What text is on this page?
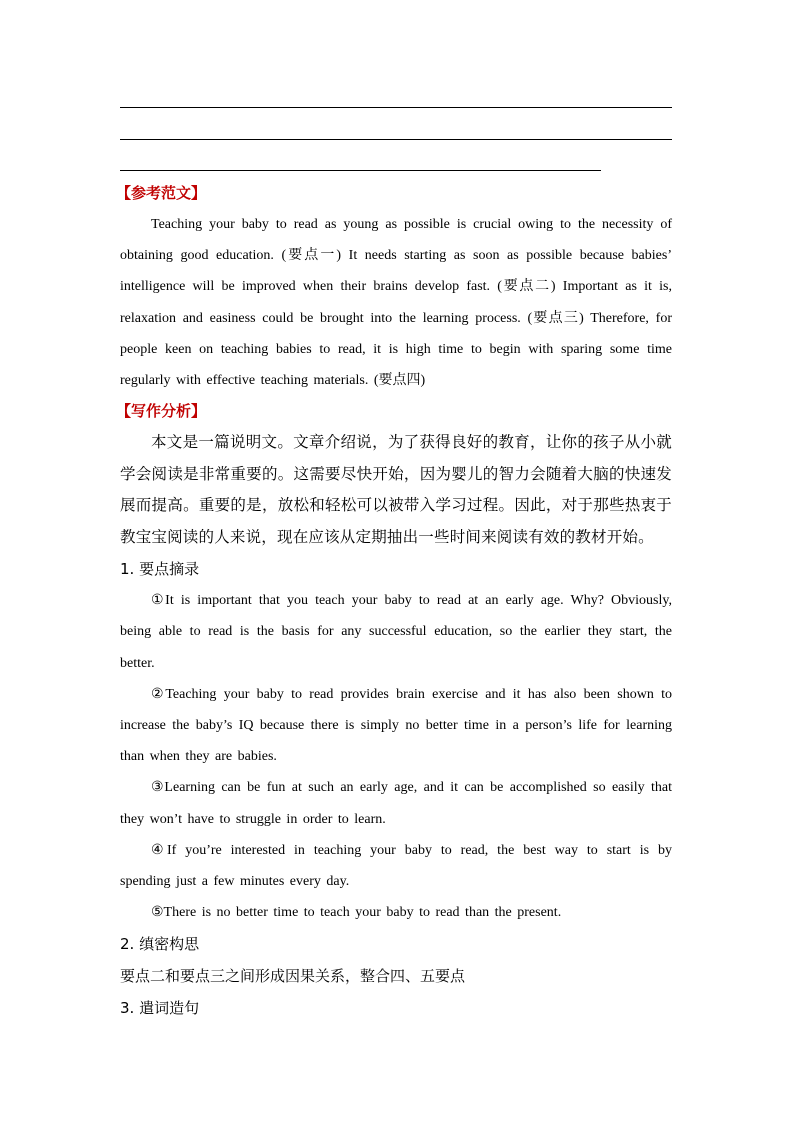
【参考范文】
Teaching your baby to read as young as possible is crucial owing to the necessity of obtaining good education. (要点一) It needs starting as soon as possible because babies’ intelligence will be improved when their brains develop fast. (要点二) Important as it is, relaxation and easiness could be brought into the learning process. (要点三) Therefore, for people keen on teaching babies to read, it is high time to begin with sparing some time regularly with effective teaching materials. (要点四)
【写作分析】
本文是一篇说明文。文章介绍说，为了获得良好的教育，让你的孩子从小就学会阅读是非常重要的。这需要尽快开始，因为婴儿的智力会随着大脑的快速发展而提高。重要的是，放松和轻松可以被带入学习过程。因此，对于那些热衷于教宝宝阅读的人来说，现在应该从定期抽出一些时间来阅读有效的教材开始。
1. 要点摘录
①It is important that you teach your baby to read at an early age. Why? Obviously, being able to read is the basis for any successful education, so the earlier they start, the better.
②Teaching your baby to read provides brain exercise and it has also been shown to increase the baby’s IQ because there is simply no better time in a person’s life for learning than when they are babies.
③Learning can be fun at such an early age, and it can be accomplished so easily that they won’t have to struggle in order to learn.
④If you’re interested in teaching your baby to read, the best way to start is by spending just a few minutes every day.
⑤There is no better time to teach your baby to read than the present.
2. 缜密构思
要点二和要点三之间形成因果关系，整合四、五要点
3. 遣词造句
